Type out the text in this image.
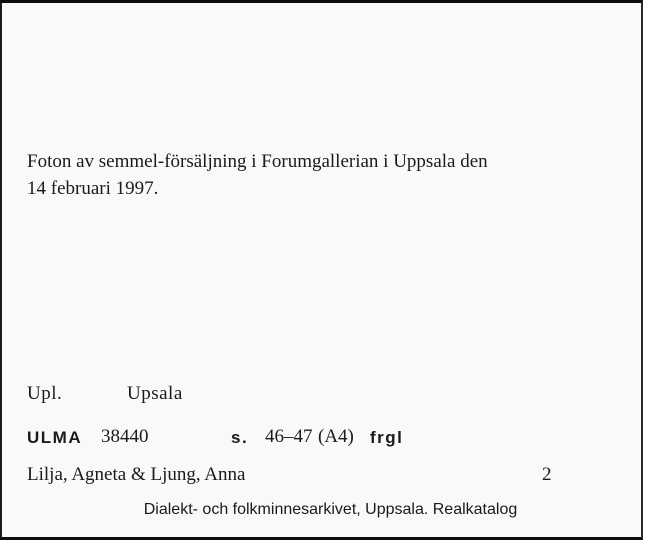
Foton av semmel-försäljning i Forumgallerian i Uppsala den
14 februari 1997.
Upl.	Upsala
ULMA 38440	s. 46–47 (A4) frgl
Lilja, Agneta & Ljung, Anna	2
Dialekt- och folkminnesarkivet, Uppsala. Realkatalog
